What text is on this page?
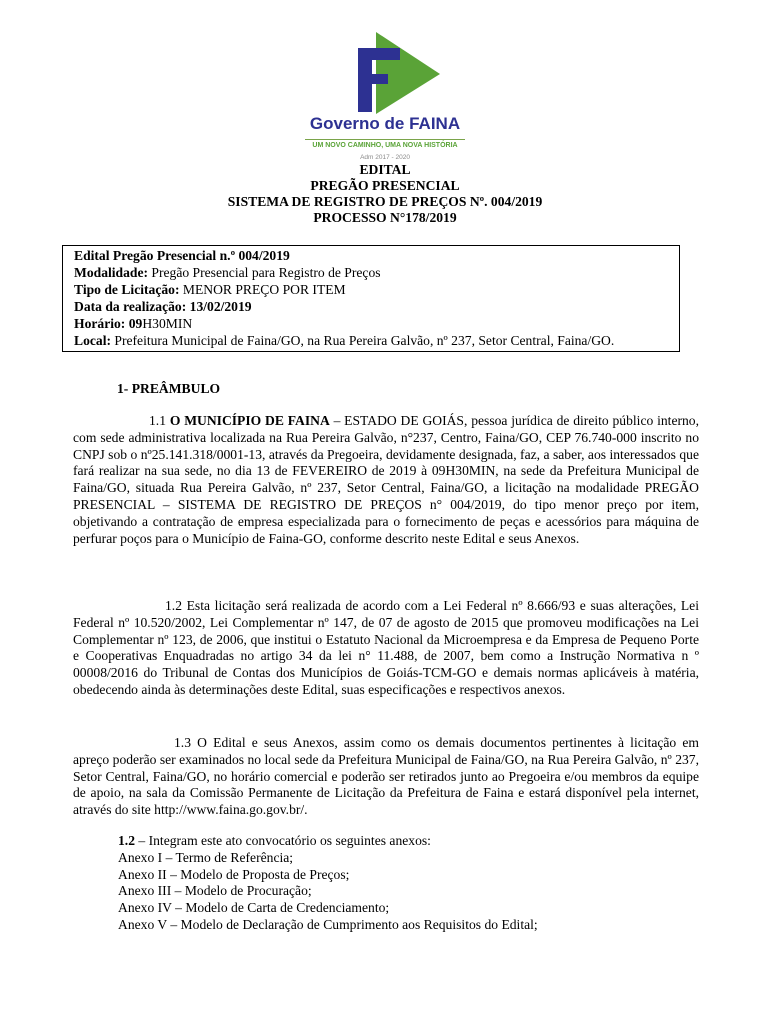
Governo de FAINA
UM NOVO CAMINHO, UMA NOVA HISTÓRIA
Adm 2017 - 2020
EDITAL
PREGÃO PRESENCIAL
SISTEMA DE REGISTRO DE PREÇOS Nº. 004/2019
PROCESSO N°178/2019
Edital Pregão Presencial n.º 004/2019
Modalidade: Pregão Presencial para Registro de Preços
Tipo de Licitação: MENOR PREÇO POR ITEM
Data da realização: 13/02/2019
Horário: 09H30MIN
Local: Prefeitura Municipal de Faina/GO, na Rua Pereira Galvão, nº 237, Setor Central, Faina/GO.
1- PREÂMBULO
1.1 O MUNICÍPIO DE FAINA – ESTADO DE GOIÁS, pessoa jurídica de direito público interno, com sede administrativa localizada na Rua Pereira Galvão, n°237, Centro, Faina/GO, CEP 76.740-000 inscrito no CNPJ sob o nº25.141.318/0001-13, através da Pregoeira, devidamente designada, faz, a saber, aos interessados que fará realizar na sua sede, no dia 13 de FEVEREIRO de 2019 à 09H30MIN, na sede da Prefeitura Municipal de Faina/GO, situada Rua Pereira Galvão, nº 237, Setor Central, Faina/GO, a licitação na modalidade PREGÃO PRESENCIAL – SISTEMA DE REGISTRO DE PREÇOS n° 004/2019, do tipo menor preço por item, objetivando a contratação de empresa especializada para o fornecimento de peças e acessórios para máquina de perfurar poços para o Município de Faina-GO, conforme descrito neste Edital e seus Anexos.
1.2 Esta licitação será realizada de acordo com a Lei Federal nº 8.666/93 e suas alterações, Lei Federal nº 10.520/2002, Lei Complementar nº 147, de 07 de agosto de 2015 que promoveu modificações na Lei Complementar nº 123, de 2006, que institui o Estatuto Nacional da Microempresa e da Empresa de Pequeno Porte e Cooperativas Enquadradas no artigo 34 da lei n° 11.488, de 2007, bem como a Instrução Normativa n º 00008/2016 do Tribunal de Contas dos Municípios de Goiás-TCM-GO e demais normas aplicáveis à matéria, obedecendo ainda às determinações deste Edital, suas especificações e respectivos anexos.
1.3 O Edital e seus Anexos, assim como os demais documentos pertinentes à licitação em apreço poderão ser examinados no local sede da Prefeitura Municipal de Faina/GO, na Rua Pereira Galvão, nº 237, Setor Central, Faina/GO, no horário comercial e poderão ser retirados junto ao Pregoeira e/ou membros da equipe de apoio, na sala da Comissão Permanente de Licitação da Prefeitura de Faina e estará disponível pela internet, através do site http://www.faina.go.gov.br/.
1.2 – Integram este ato convocatório os seguintes anexos:
Anexo I – Termo de Referência;
Anexo II – Modelo de Proposta de Preços;
Anexo III – Modelo de Procuração;
Anexo IV – Modelo de Carta de Credenciamento;
Anexo V – Modelo de Declaração de Cumprimento aos Requisitos do Edital;
